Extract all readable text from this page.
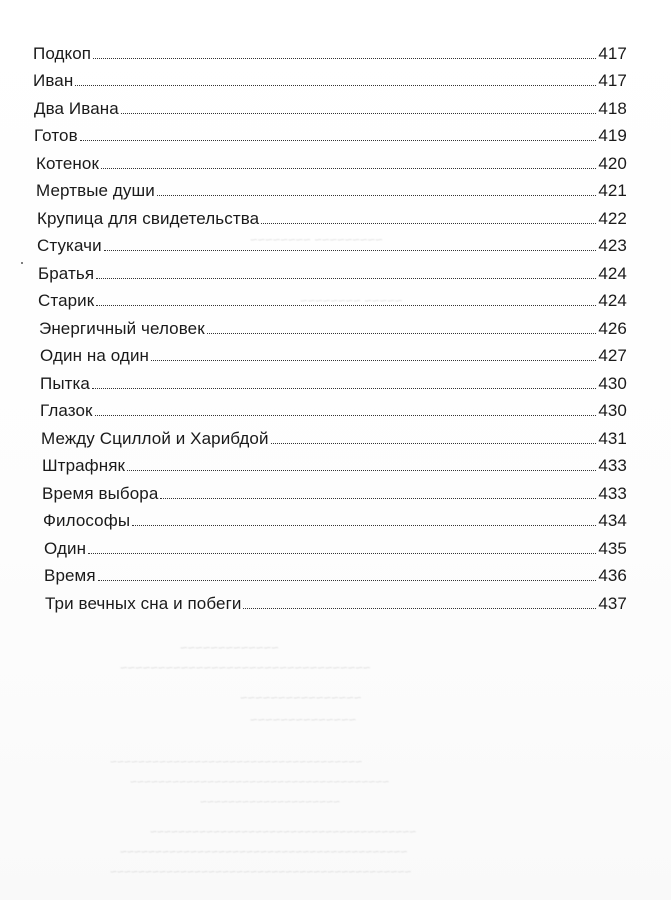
~~~~~~~~~ ~~~~~~~~
~~~~~ ~~~~~~~~
~~~~~~~~~~~~~
~~~~~~~~~~~~~~~~~~~~~~~~~~~~~~~~~
~~~~~~~~~~~~~~~~
~~~~~~~~~~~~~~
~~~~~~~~~~~~~~~~~~~~~~~~~~~~~~~~~~~~
~~~~~~~~~~~~~~~~~~~~~~~~~~~~~~~~~~~~~
~~~~~~~~~~~~~~~~~~~~
~~~~~~~~~~~~~~~~~~~~~~~~~~~~~~~~~~~~~~
~~~~~~~~~~~~~~~~~~~~~~~~~~~~~~~~~~~~~~~~~
~~~~~~~~~~~~~~~~~~~~~~~~~~~~~~~~~~~~~~~~~~~
Подкоп	417
Иван	417
Два Ивана	418
Готов	419
Котенок	420
Мертвые души	421
Крупица для свидетельства	422
Стукачи	423
Братья	424
Старик	424
Энергичный человек	426
Один на один	427
Пытка	430
Глазок	430
Между Сциллой и Харибдой	431
Штрафняк	433
Время выбора	433
Философы	434
Один	435
Время	436
Три вечных сна и побеги	437
